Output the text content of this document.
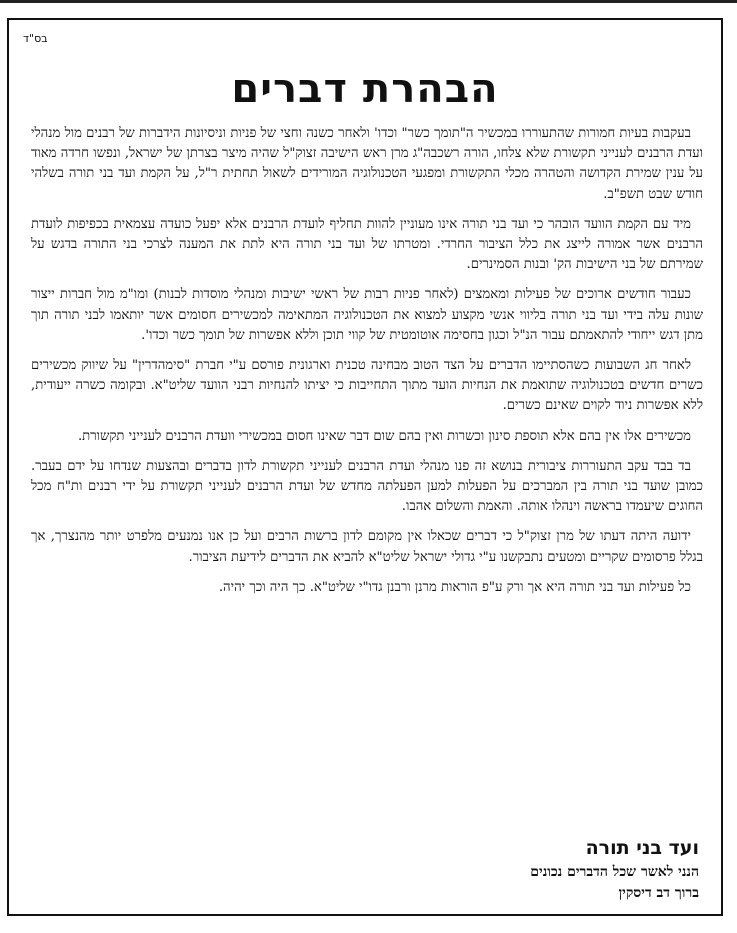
בס"ד
הבהרת דברים

בעקבות בעיות חמורות שהתעוררו במכשיר ה"תומך כשר" וכדו' ולאחר כשנה וחצי של פניות וניסיונות הידברות של רבנים מול מנהלי ועדת הרבנים לענייני תקשורת שלא צלחו, הורה רשכבה"ג מרן ראש הישיבה זצוק"ל שהיה מיצר בצרתן של ישראל, ונפשו חרדה מאוד על ענין שמירת הקדושה והטהרה מכלי התקשורת ומפגעי הטכנולוגיה המורידים לשאול תחתית ר"ל, על הקמת ועד בני תורה בשלהי חודש שבט תשפ"ב.

מיד עם הקמת הוועד הובהר כי ועד בני תורה אינו מעוניין להוות תחליף לועדת הרבנים אלא יפעל כועדה עצמאית בכפיפות לועדת הרבנים אשר אמורה לייצג את כלל הציבור החרדי. ומטרתו של ועד בני תורה היא לתת את המענה לצרכי בני התורה בדגש על שמירתם של בני הישיבות הק' ובנות הסמינרים.

כעבור חודשים ארוכים של פעילות ומאמצים (לאחר פניות רבות של ראשי ישיבות ומנהלי מוסדות לבנות) ומו"מ מול חברות ייצור שונות עלה בידי ועד בני תורה בליווי אנשי מקצוע למצוא את הטכנולוגיה המתאימה למכשירים חסומים אשר יותאמו לבני תורה תוך מתן דגש ייחודי להתאמתם עבור הנ"ל וכגון בחסימה אוטומטית של קווי תוכן וללא אפשרות של תומך כשר וכדו'.

לאחר חג השבועות כשהסתיימו הדברים על הצד הטוב מבחינה טכנית וארגונית פורסם ע"י חברת "סימהדרין" על שיווק מכשירים כשרים חדשים בטכנולוגיה שתואמת את הנחיות הועד מתוך התחייבות כי יציתו להנחיות רבני הוועד שליט"א. ובקומה כשרה ייעודית, ללא אפשרות ניוד לקוים שאינם כשרים.

מכשירים אלו אין בהם אלא תוספת סינון וכשרות ואין בהם שום דבר שאינו חסום במכשירי וועדת הרבנים לענייני תקשורת.

בד בבד עקב התעוררות ציבורית בנושא זה פנו מנהלי ועדת הרבנים לענייני תקשורת לדון בדברים ובהצעות שנדחו על ידם בעבר. כמובן שועד בני תורה בין המברכים על הפעלות למען הפעלתה מחדש של ועדת הרבנים לענייני תקשורת על ידי רבנים ות"ח מכל החוגים שיעמדו בראשה וינהלו אותה. והאמת והשלום אהבו.

ידועה היתה דעתו של מרן זצוק"ל כי דברים שכאלו אין מקומם לדון ברשות הרבים ועל כן אנו נמנעים מלפרט יותר מהנצרך, אך בגלל פרסומים שקריים ומטעים נתבקשנו ע"י גדולי ישראל שליט"א להביא את הדברים לידיעת הציבור.

כל פעילות ועד בני תורה היא אך ורק ע"פ הוראות מרנן ורבנן גדו"י שליט"א. כך היה וכך יהיה.

ועד בני תורה
הנני לאשר שכל הדברים נכונים
ברוך דב דיסקין
